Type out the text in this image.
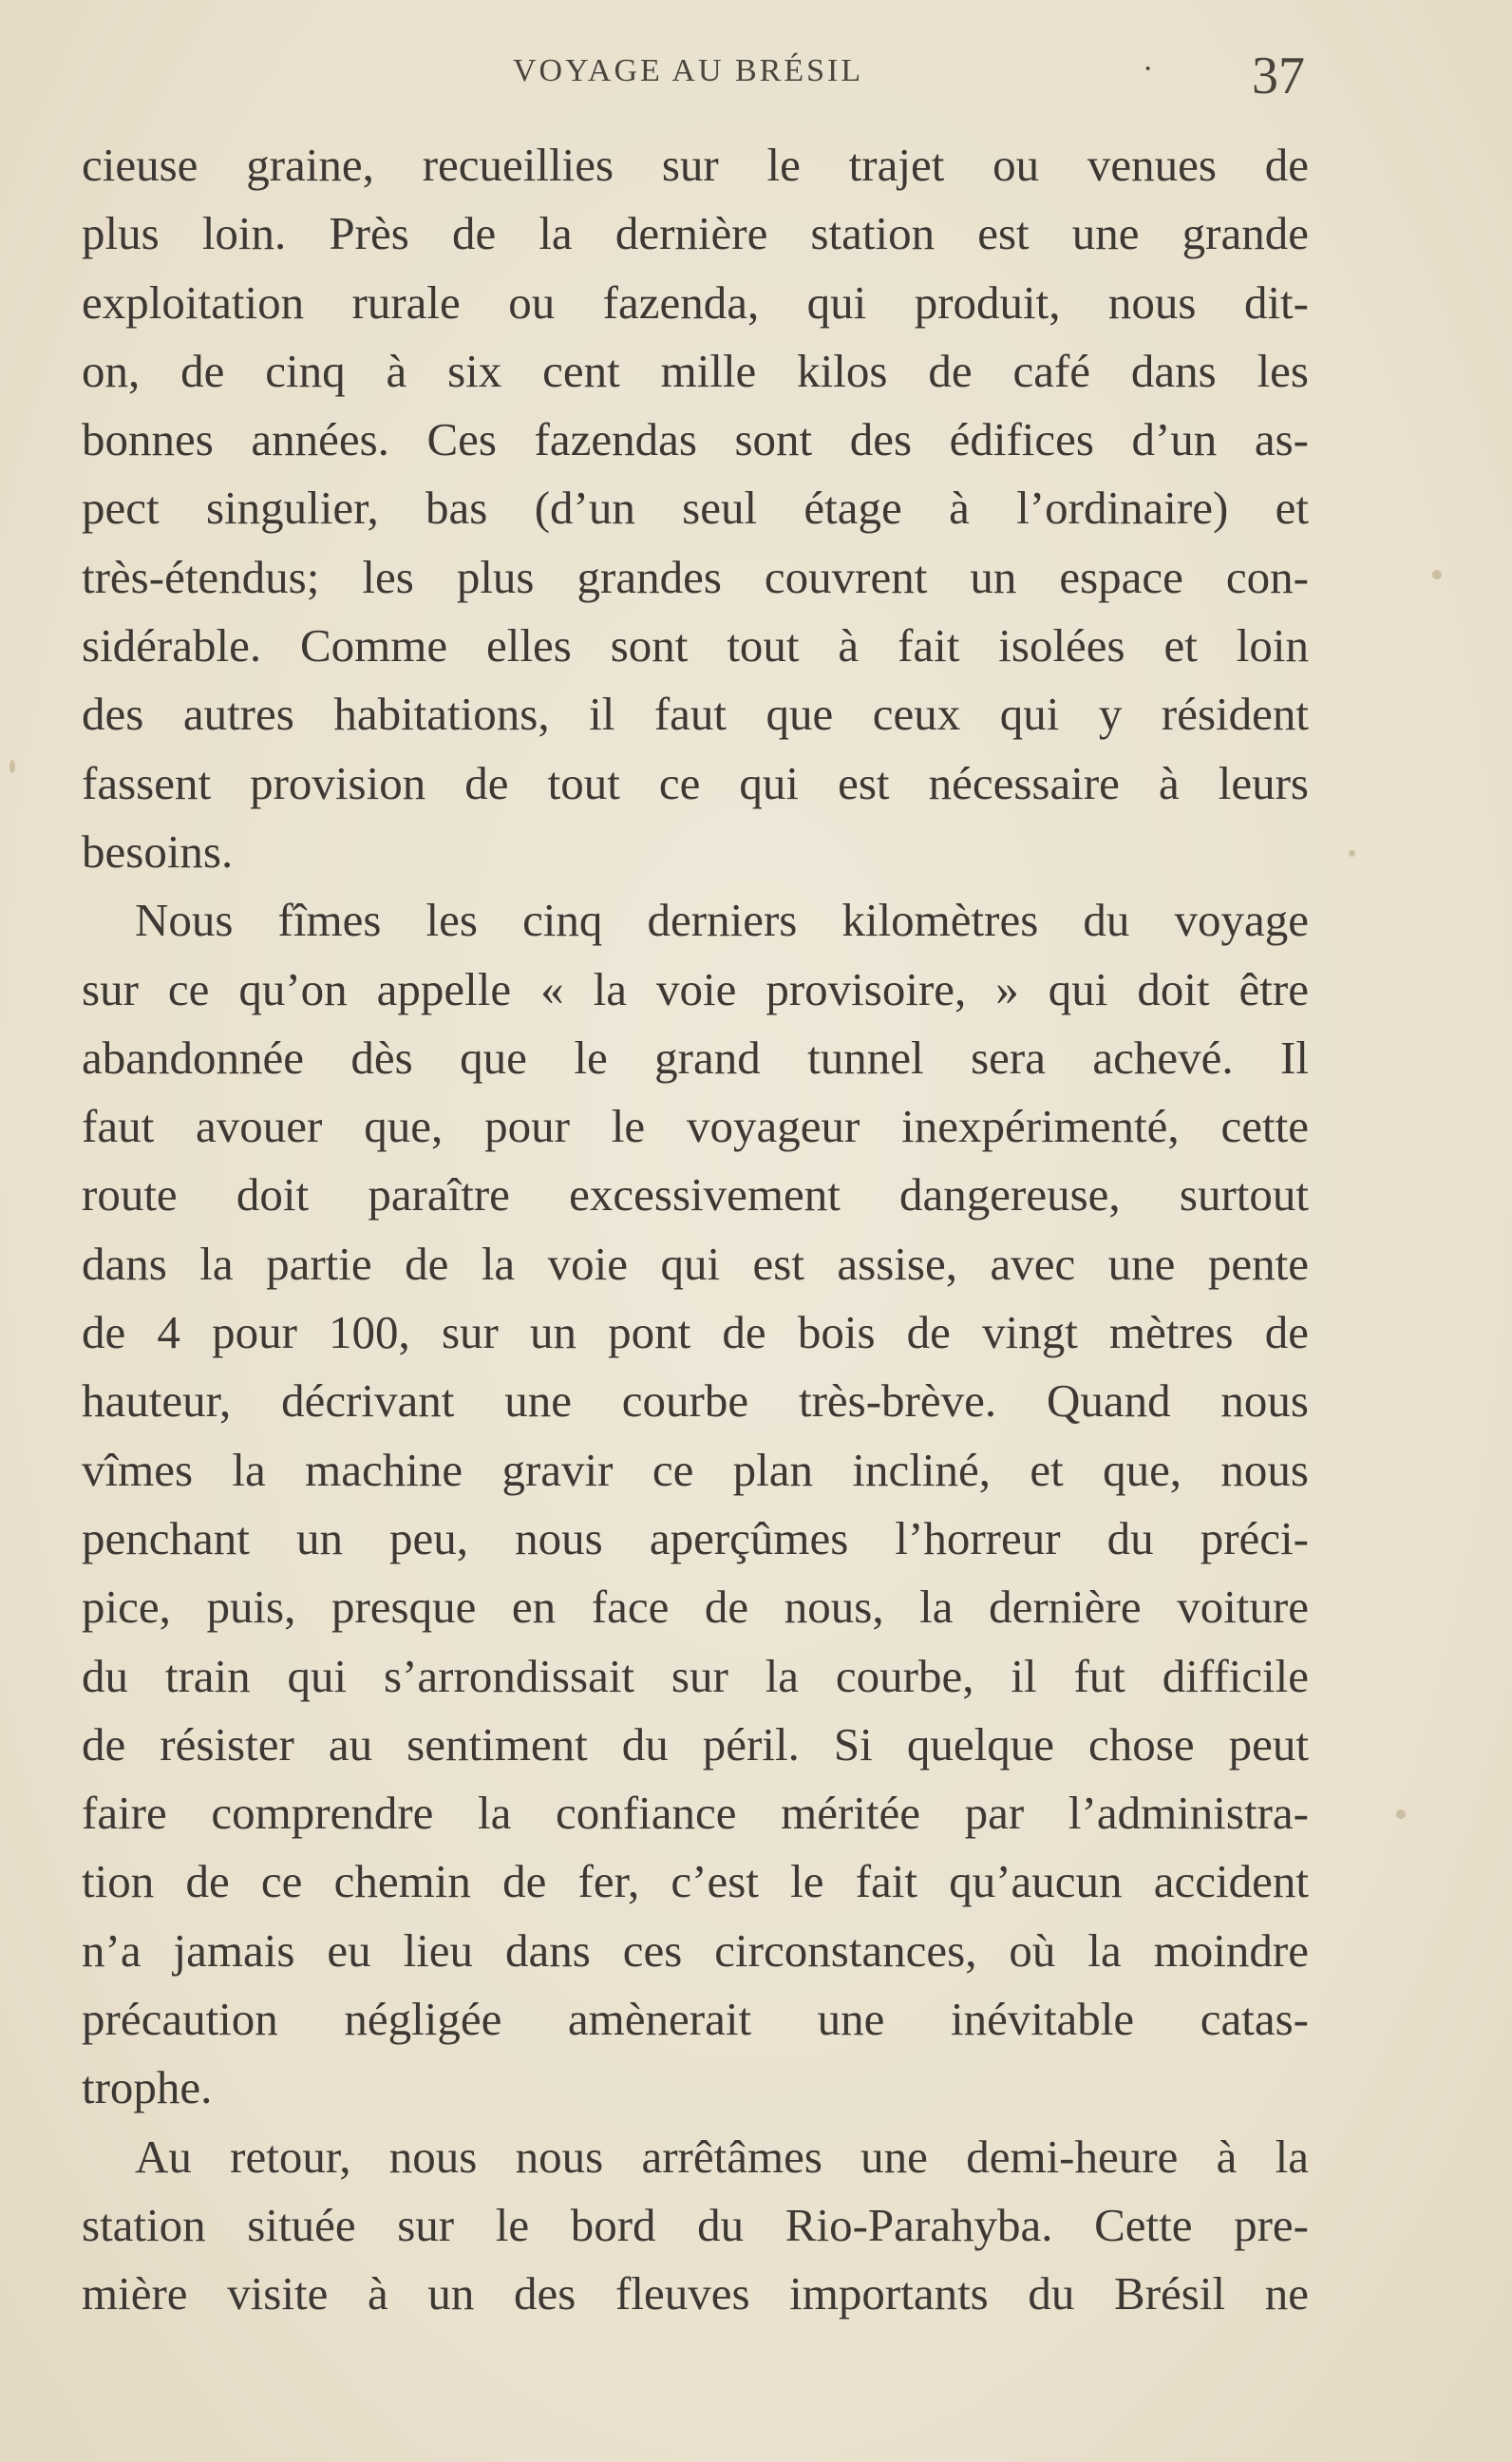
VOYAGE AU BRÉSIL	· 37
cieuse graine, recueillies sur le trajet ou venues de
plus loin. Près de la dernière station est une grande
exploitation rurale ou fazenda, qui produit, nous dit-
on, de cinq à six cent mille kilos de café dans les
bonnes années. Ces fazendas sont des édifices d’un as-
pect singulier, bas (d’un seul étage à l’ordinaire) et
très-étendus; les plus grandes couvrent un espace con-
sidérable. Comme elles sont tout à fait isolées et loin
des autres habitations, il faut que ceux qui y résident
fassent provision de tout ce qui est nécessaire à leurs
besoins.
Nous fîmes les cinq derniers kilomètres du voyage
sur ce qu’on appelle « la voie provisoire, » qui doit être
abandonnée dès que le grand tunnel sera achevé. Il
faut avouer que, pour le voyageur inexpérimenté, cette
route doit paraître excessivement dangereuse, surtout
dans la partie de la voie qui est assise, avec une pente
de 4 pour 100, sur un pont de bois de vingt mètres de
hauteur, décrivant une courbe très-brève. Quand nous
vîmes la machine gravir ce plan incliné, et que, nous
penchant un peu, nous aperçûmes l’horreur du préci-
pice, puis, presque en face de nous, la dernière voiture
du train qui s’arrondissait sur la courbe, il fut difficile
de résister au sentiment du péril. Si quelque chose peut
faire comprendre la confiance méritée par l’administra-
tion de ce chemin de fer, c’est le fait qu’aucun accident
n’a jamais eu lieu dans ces circonstances, où la moindre
précaution négligée amènerait une inévitable catas-
trophe.
Au retour, nous nous arrêtâmes une demi-heure à la
station située sur le bord du Rio-Parahyba. Cette pre-
mière visite à un des fleuves importants du Brésil ne
